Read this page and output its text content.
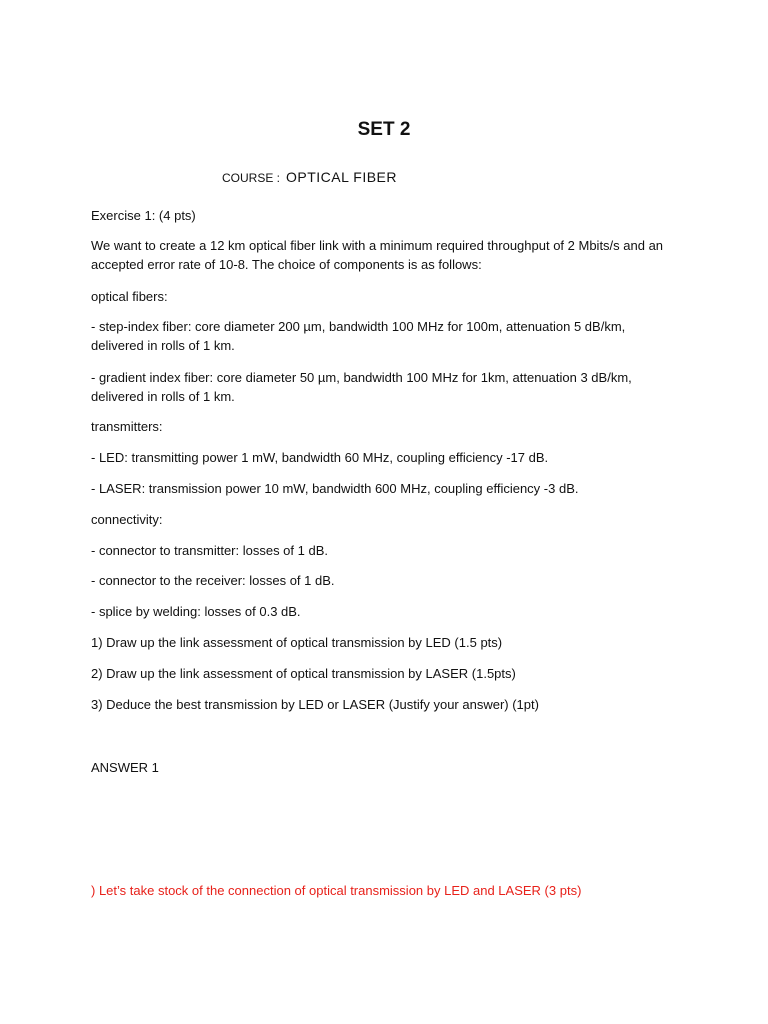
SET 2
COURSE : OPTICAL FIBER
Exercise 1: (4 pts)
We want to create a 12 km optical fiber link with a minimum required throughput of 2 Mbits/s and an accepted error rate of 10-8. The choice of components is as follows:
optical fibers:
- step-index fiber: core diameter 200 µm, bandwidth 100 MHz for 100m, attenuation 5 dB/km, delivered in rolls of 1 km.
- gradient index fiber: core diameter 50 µm, bandwidth 100 MHz for 1km, attenuation 3 dB/km, delivered in rolls of 1 km.
transmitters:
- LED: transmitting power 1 mW, bandwidth 60 MHz, coupling efficiency -17 dB.
- LASER: transmission power 10 mW, bandwidth 600 MHz, coupling efficiency -3 dB.
connectivity:
- connector to transmitter: losses of 1 dB.
- connector to the receiver: losses of 1 dB.
- splice by welding: losses of 0.3 dB.
1) Draw up the link assessment of optical transmission by LED (1.5 pts)
2) Draw up the link assessment of optical transmission by LASER (1.5pts)
3) Deduce the best transmission by LED or LASER (Justify your answer) (1pt)
ANSWER 1
) Let’s take stock of the connection of optical transmission by LED and LASER (3 pts)
